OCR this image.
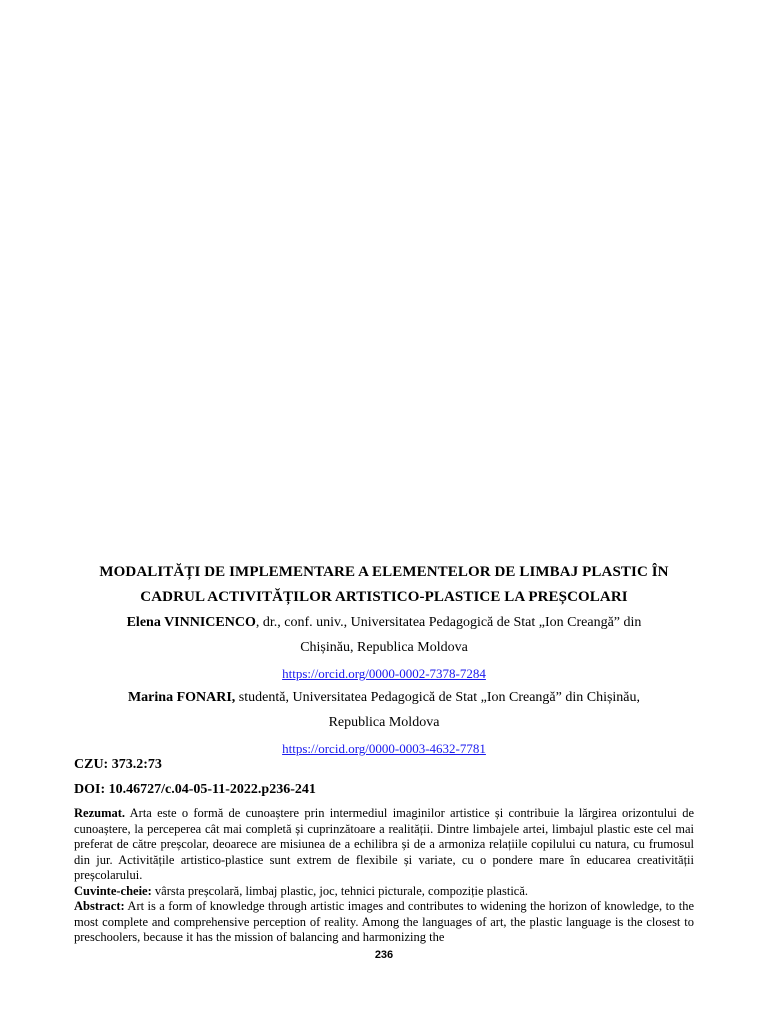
MODALITĂȚI DE IMPLEMENTARE A ELEMENTELOR DE LIMBAJ PLASTIC ÎN
CADRUL ACTIVITĂȚILOR ARTISTICO-PLASTICE LA PREȘCOLARI
Elena VINNICENCO, dr., conf. univ., Universitatea Pedagogică de Stat „Ion Creangă” din
Chișinău, Republica Moldova
https://orcid.org/0000-0002-7378-7284
Marina FONARI, studentă, Universitatea Pedagogică de Stat „Ion Creangă” din Chișinău,
Republica Moldova
https://orcid.org/0000-0003-4632-7781
CZU: 373.2:73
DOI: 10.46727/c.04-05-11-2022.p236-241

Rezumat. Arta este o formă de cunoaștere prin intermediul imaginilor artistice și contribuie la lărgirea orizontului de cunoaștere, la perceperea cât mai completă și cuprinzătoare a realității. Dintre limbajele artei, limbajul plastic este cel mai preferat de către preșcolar, deoarece are misiunea de a echilibra și de a armoniza relațiile copilului cu natura, cu frumosul din jur. Activitățile artistico-plastice sunt extrem de flexibile și variate, cu o pondere mare în educarea creativității preșcolarului.

Cuvinte-cheie: vârsta preșcolară, limbaj plastic, joc, tehnici picturale, compoziție plastică.

Abstract: Art is a form of knowledge through artistic images and contributes to widening the horizon of knowledge, to the most complete and comprehensive perception of reality. Among the languages of art, the plastic language is the closest to preschoolers, because it has the mission of balancing and harmonizing the

236
